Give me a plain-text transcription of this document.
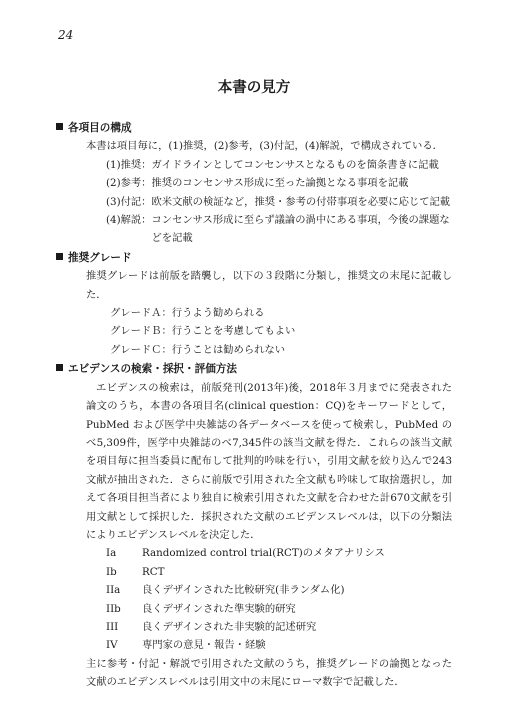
24
本書の見方
各項目の構成
本書は項目毎に，(1)推奨，(2)参考，(3)付記，(4)解説，で構成されている．
(1)推奨： ガイドラインとしてコンセンサスとなるものを箇条書きに記載
(2)参考： 推奨のコンセンサス形成に至った論拠となる事項を記載
(3)付記： 欧米文献の検証など，推奨・参考の付帯事項を必要に応じて記載
(4)解説： コンセンサス形成に至らず議論の渦中にある事項，今後の課題などを記載
推奨グレード
推奨グレードは前版を踏襲し，以下の３段階に分類し，推奨文の末尾に記載した．
グレードＡ：行うよう勧められる
グレードＢ：行うことを考慮してもよい
グレードＣ：行うことは勧められない
エビデンスの検索・採択・評価方法
エビデンスの検索は，前版発刊(2013年)後，2018年３月までに発表された論文のうち，本書の各項目名(clinical question：CQ)をキーワードとして，PubMed および医学中央雑誌の各データベースを使って検索し，PubMed のべ5,309件，医学中央雑誌のべ7,345件の該当文献を得た．これらの該当文献を項目毎に担当委員に配布して批判的吟味を行い，引用文献を絞り込んで243文献が抽出された．さらに前版で引用された全文献も吟味して取捨選択し，加えて各項目担当者により独自に検索引用された文献を合わせた計670文献を引用文献として採択した．採択された文献のエビデンスレベルは，以下の分類法によりエビデンスレベルを決定した．
Ia	Randomized control trial(RCT)のメタアナリシス
Ib	RCT
IIa	良くデザインされた比較研究(非ランダム化)
IIb	良くデザインされた準実験的研究
III	良くデザインされた非実験的記述研究
IV	専門家の意見・報告・経験
主に参考・付記・解説で引用された文献のうち，推奨グレードの論拠となった文献のエビデンスレベルは引用文中の末尾にローマ数字で記載した．
